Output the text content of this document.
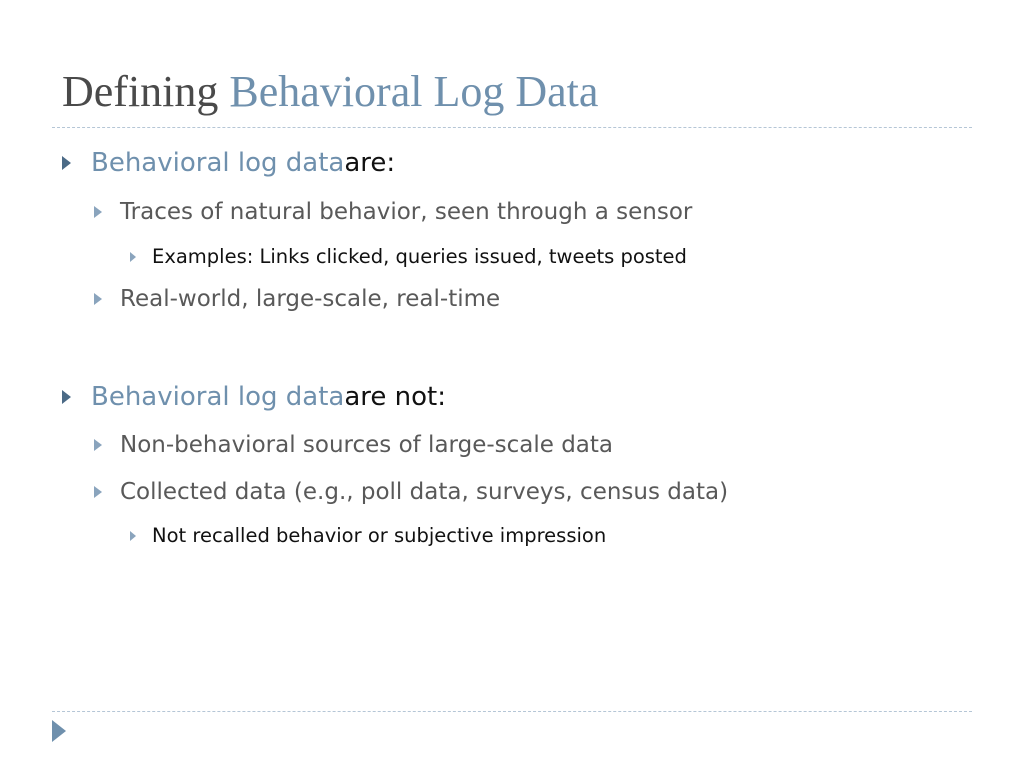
Defining Behavioral Log Data
Behavioral log data are:
Traces of natural behavior, seen through a sensor
Examples: Links clicked, queries issued, tweets posted
Real-world, large-scale, real-time
Behavioral log data are not:
Non-behavioral sources of large-scale data
Collected data (e.g., poll data, surveys, census data)
Not recalled behavior or subjective impression
